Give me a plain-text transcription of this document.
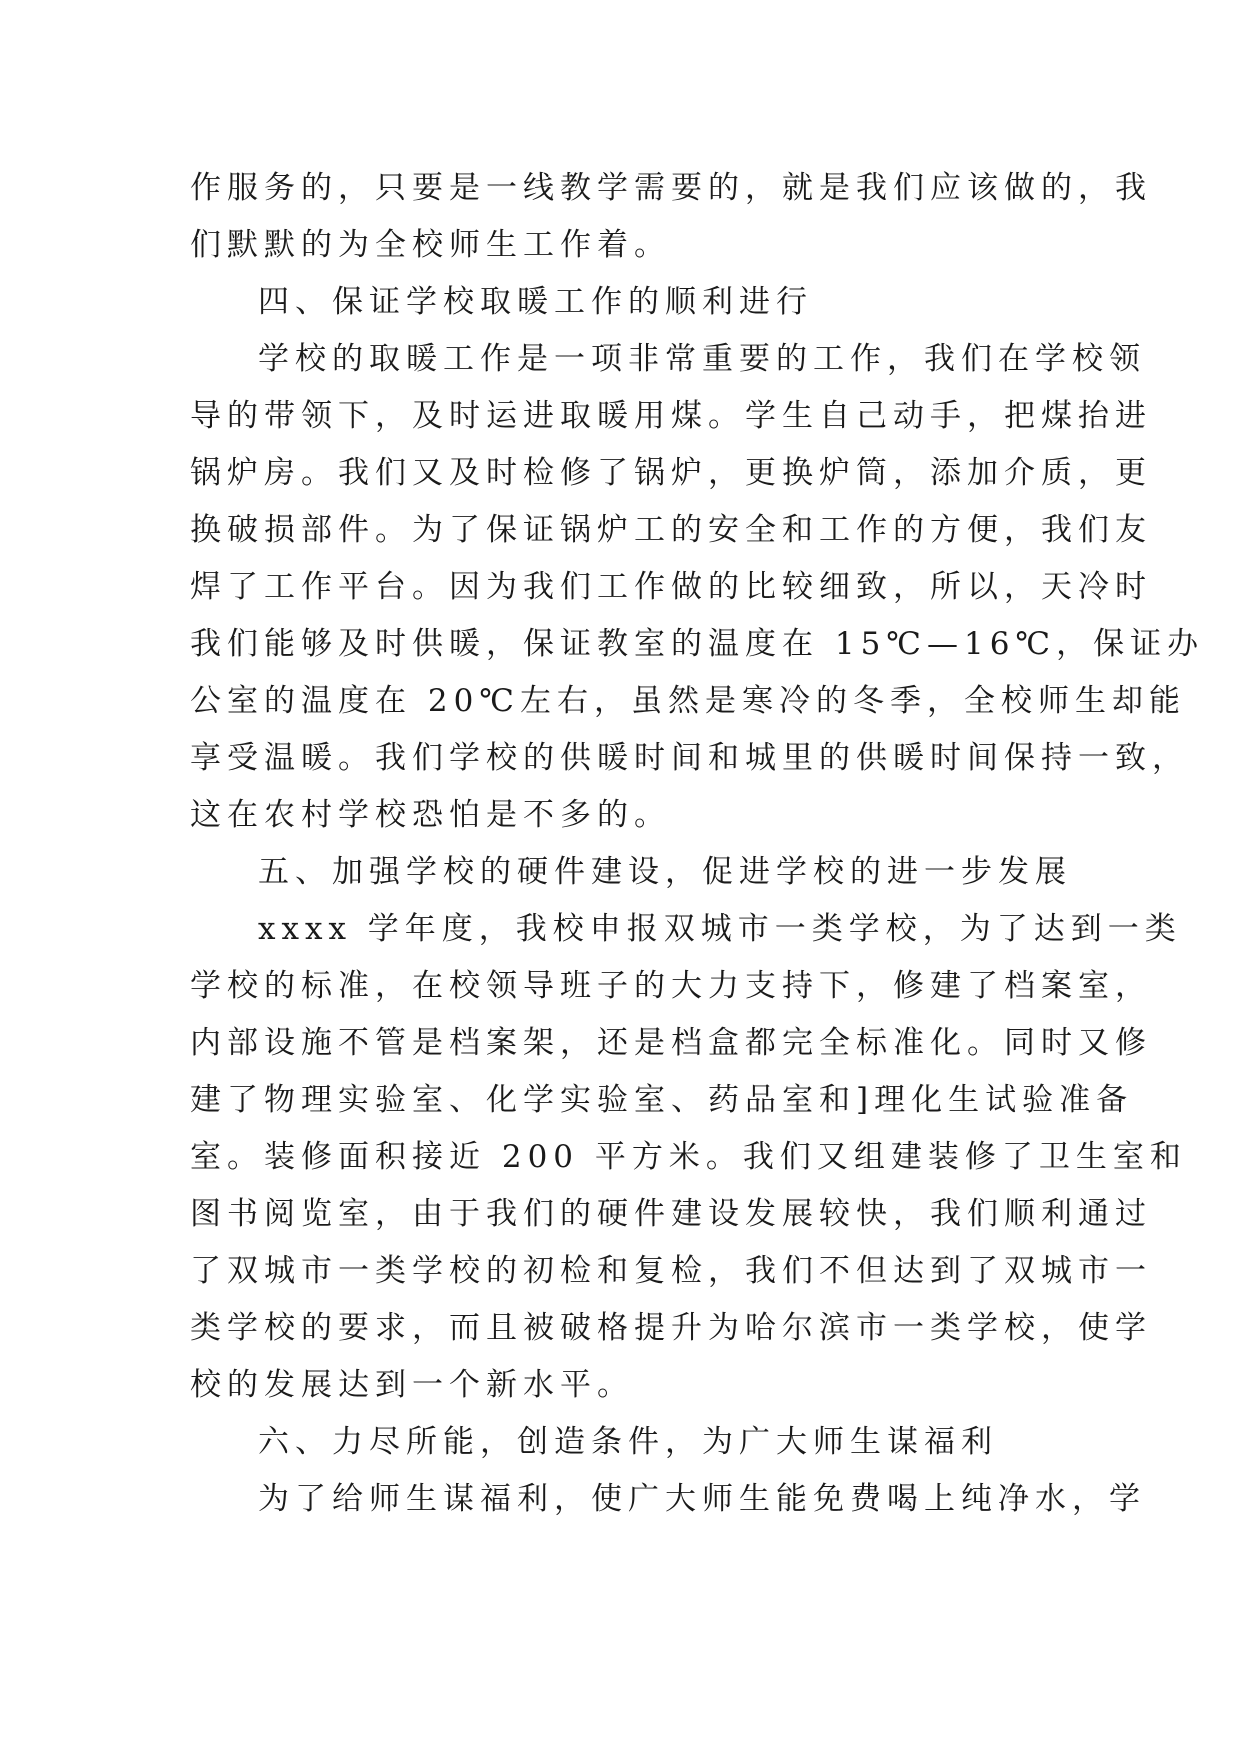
作服务的，只要是一线教学需要的，就是我们应该做的，我
们默默的为全校师生工作着。
四、保证学校取暖工作的顺利进行
学校的取暖工作是一项非常重要的工作，我们在学校领
导的带领下，及时运进取暖用煤。学生自己动手，把煤抬进
锅炉房。我们又及时检修了锅炉，更换炉筒，添加介质，更
换破损部件。为了保证锅炉工的安全和工作的方便，我们友
焊了工作平台。因为我们工作做的比较细致，所以，天冷时
我们能够及时供暖，保证教室的温度在 15℃—16℃，保证办
公室的温度在 20℃左右，虽然是寒冷的冬季，全校师生却能
享受温暖。我们学校的供暖时间和城里的供暖时间保持一致，
这在农村学校恐怕是不多的。
五、加强学校的硬件建设，促进学校的进一步发展
xxxx 学年度，我校申报双城市一类学校，为了达到一类
学校的标准，在校领导班子的大力支持下，修建了档案室，
内部设施不管是档案架，还是档盒都完全标准化。同时又修
建了物理实验室、化学实验室、药品室和]理化生试验准备
室。装修面积接近 200 平方米。我们又组建装修了卫生室和
图书阅览室，由于我们的硬件建设发展较快，我们顺利通过
了双城市一类学校的初检和复检，我们不但达到了双城市一
类学校的要求，而且被破格提升为哈尔滨市一类学校，使学
校的发展达到一个新水平。
六、力尽所能，创造条件，为广大师生谋福利
为了给师生谋福利，使广大师生能免费喝上纯净水，学
